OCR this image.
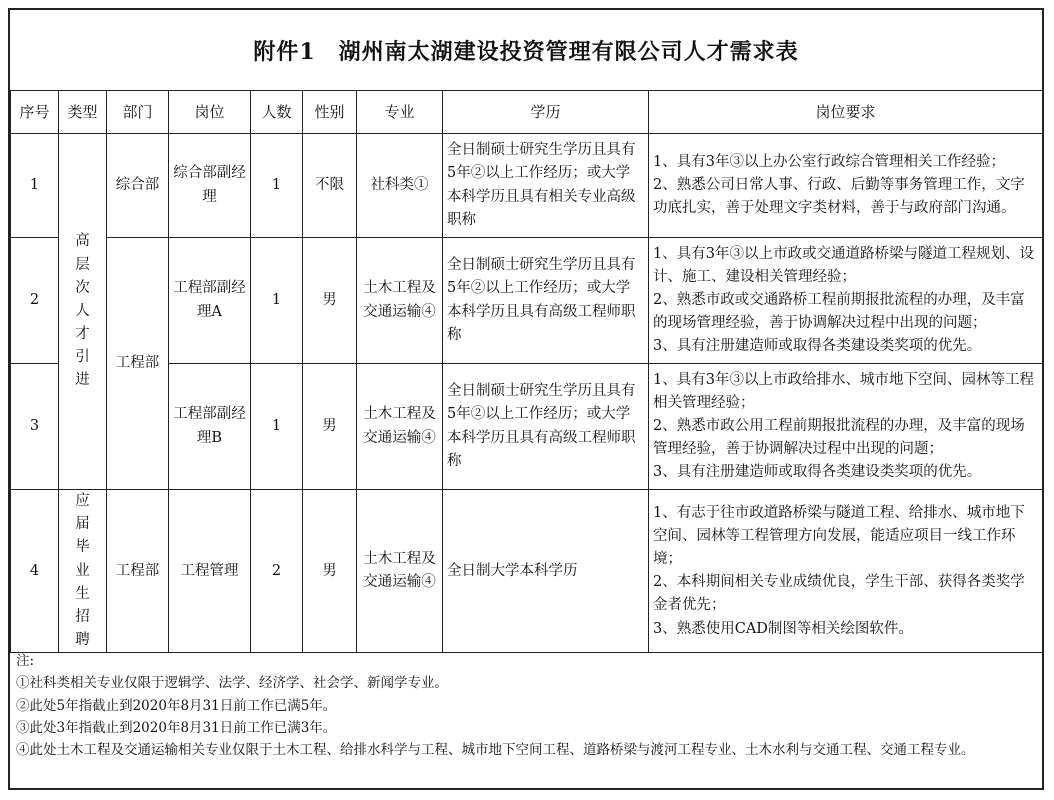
附件1　湖州南太湖建设投资管理有限公司人才需求表
序号	类型	部门	岗位	人数	性别	专业	学历	岗位要求
1	高层次人才引进	综合部	综合部副经理	1	不限	社科类①	全日制硕士研究生学历且具有5年②以上工作经历；或大学本科学历且具有相关专业高级职称	1、具有3年③以上办公室行政综合管理相关工作经验；
2、熟悉公司日常人事、行政、后勤等事务管理工作，文字功底扎实，善于处理文字类材料，善于与政府部门沟通。

2		工程部	工程部副经理A	1	男	土木工程及交通运输④	全日制硕士研究生学历且具有5年②以上工作经历；或大学本科学历且具有高级工程师职称	1、具有3年③以上市政或交通道路桥梁与隧道工程规划、设计、施工、建设相关管理经验；
2、熟悉市政或交通路桥工程前期报批流程的办理，及丰富的现场管理经验，善于协调解决过程中出现的问题；
3、具有注册建造师或取得各类建设类奖项的优先。

3			工程部副经理B	1	男	土木工程及交通运输④	全日制硕士研究生学历且具有5年②以上工作经历；或大学本科学历且具有高级工程师职称	1、具有3年③以上市政给排水、城市地下空间、园林等工程相关管理经验；
2、熟悉市政公用工程前期报批流程的办理，及丰富的现场管理经验，善于协调解决过程中出现的问题；
3、具有注册建造师或取得各类建设类奖项的优先。

4	应届毕业生招聘	工程部	工程管理	2	男	土木工程及交通运输④	全日制大学本科学历	1、有志于往市政道路桥梁与隧道工程、给排水、城市地下空间、园林等工程管理方向发展，能适应项目一线工作环境；
2、本科期间相关专业成绩优良，学生干部、获得各类奖学金者优先；
3、熟悉使用CAD制图等相关绘图软件。
注:
①社科类相关专业仅限于逻辑学、法学、经济学、社会学、新闻学专业。
②此处5年指截止到2020年8月31日前工作已满5年。
③此处3年指截止到2020年8月31日前工作已满3年。
④此处土木工程及交通运输相关专业仅限于土木工程、给排水科学与工程、城市地下空间工程、道路桥梁与渡河工程专业、土木水利与交通工程、交通工程专业。
